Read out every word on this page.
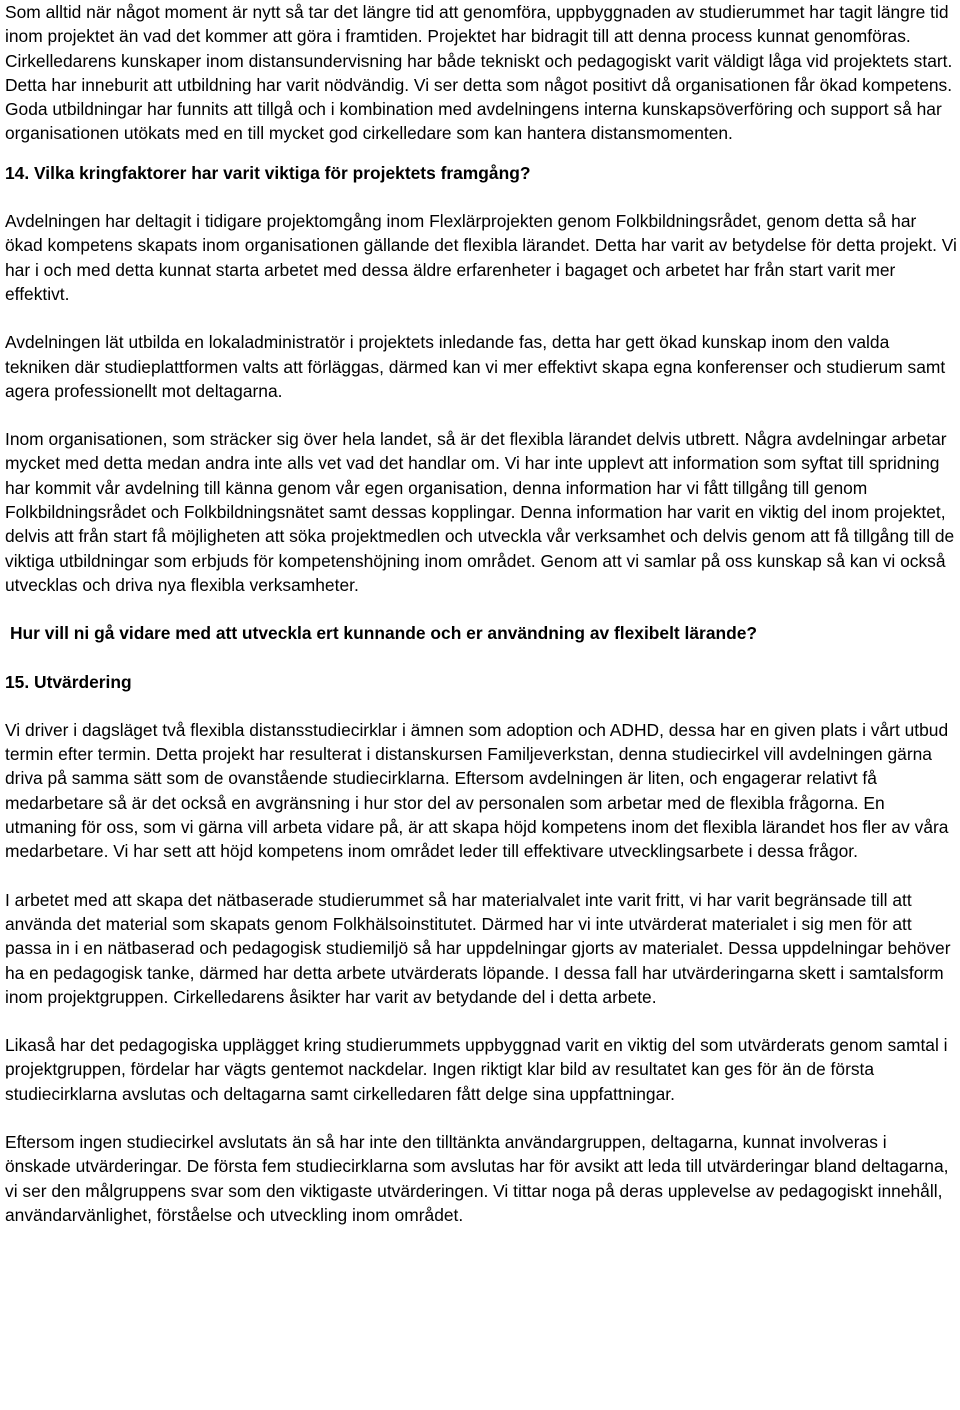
Som alltid när något moment är nytt så tar det längre tid att genomföra, uppbyggnaden av studierummet har tagit längre tid inom projektet än vad det kommer att göra i framtiden. Projektet har bidragit till att denna process kunnat genomföras. Cirkelledarens kunskaper inom distansundervisning har både tekniskt och pedagogiskt varit väldigt låga vid projektets start. Detta har inneburit att utbildning har varit nödvändig. Vi ser detta som något positivt då organisationen får ökad kompetens. Goda utbildningar har funnits att tillgå och i kombination med avdelningens interna kunskapsöverföring och support så har organisationen utökats med en till mycket god cirkelledare som kan hantera distansmomenten.

14. Vilka kringfaktorer har varit viktiga för projektets framgång?

Avdelningen har deltagit i tidigare projektomgång inom Flexlärprojekten genom Folkbildningsrådet, genom detta så har ökad kompetens skapats inom organisationen gällande det flexibla lärandet. Detta har varit av betydelse för detta projekt. Vi har i och med detta kunnat starta arbetet med dessa äldre erfarenheter i bagaget och arbetet har från start varit mer effektivt.

Avdelningen lät utbilda en lokaladministratör i projektets inledande fas, detta har gett ökad kunskap inom den valda tekniken där studieplattformen valts att förläggas, därmed kan vi mer effektivt skapa egna konferenser och studierum samt agera professionellt mot deltagarna.

Inom organisationen, som sträcker sig över hela landet, så är det flexibla lärandet delvis utbrett. Några avdelningar arbetar mycket med detta medan andra inte alls vet vad det handlar om. Vi har inte upplevt att information som syftat till spridning har kommit vår avdelning till känna genom vår egen organisation, denna information har vi fått tillgång till genom Folkbildningsrådet och Folkbildningsnätet samt dessas kopplingar. Denna information har varit en viktig del inom projektet, delvis att från start få möjligheten att söka projektmedlen och utveckla vår verksamhet och delvis genom att få tillgång till de viktiga utbildningar som erbjuds för kompetenshöjning inom området. Genom att vi samlar på oss kunskap så kan vi också utvecklas och driva nya flexibla verksamheter.

Hur vill ni gå vidare med att utveckla ert kunnande och er användning av flexibelt lärande?

15. Utvärdering

Vi driver i dagsläget två flexibla distansstudiecirklar i ämnen som adoption och ADHD, dessa har en given plats i vårt utbud termin efter termin. Detta projekt har resulterat i distanskursen Familjeverkstan, denna studiecirkel vill avdelningen gärna driva på samma sätt som de ovanstående studiecirklarna. Eftersom avdelningen är liten, och engagerar relativt få medarbetare så är det också en avgränsning i hur stor del av personalen som arbetar med de flexibla frågorna. En utmaning för oss, som vi gärna vill arbeta vidare på, är att skapa höjd kompetens inom det flexibla lärandet hos fler av våra medarbetare. Vi har sett att höjd kompetens inom området leder till effektivare utvecklingsarbete i dessa frågor.

I arbetet med att skapa det nätbaserade studierummet så har materialvalet inte varit fritt, vi har varit begränsade till att använda det material som skapats genom Folkhälsoinstitutet. Därmed har vi inte utvärderat materialet i sig men för att passa in i en nätbaserad och pedagogisk studiemiljö så har uppdelningar gjorts av materialet. Dessa uppdelningar behöver ha en pedagogisk tanke, därmed har detta arbete utvärderats löpande. I dessa fall har utvärderingarna skett i samtalsform inom projektgruppen. Cirkelledarens åsikter har varit av betydande del i detta arbete.

Likaså har det pedagogiska upplägget kring studierummets uppbyggnad varit en viktig del som utvärderats genom samtal i projektgruppen, fördelar har vägts gentemot nackdelar. Ingen riktigt klar bild av resultatet kan ges för än de första studiecirklarna avslutas och deltagarna samt cirkelledaren fått delge sina uppfattningar.

Eftersom ingen studiecirkel avslutats än så har inte den tilltänkta användargruppen, deltagarna, kunnat involveras i önskade utvärderingar. De första fem studiecirklarna som avslutas har för avsikt att leda till utvärderingar bland deltagarna, vi ser den målgruppens svar som den viktigaste utvärderingen. Vi tittar noga på deras upplevelse av pedagogiskt innehåll, användarvänlighet, förståelse och utveckling inom området.
